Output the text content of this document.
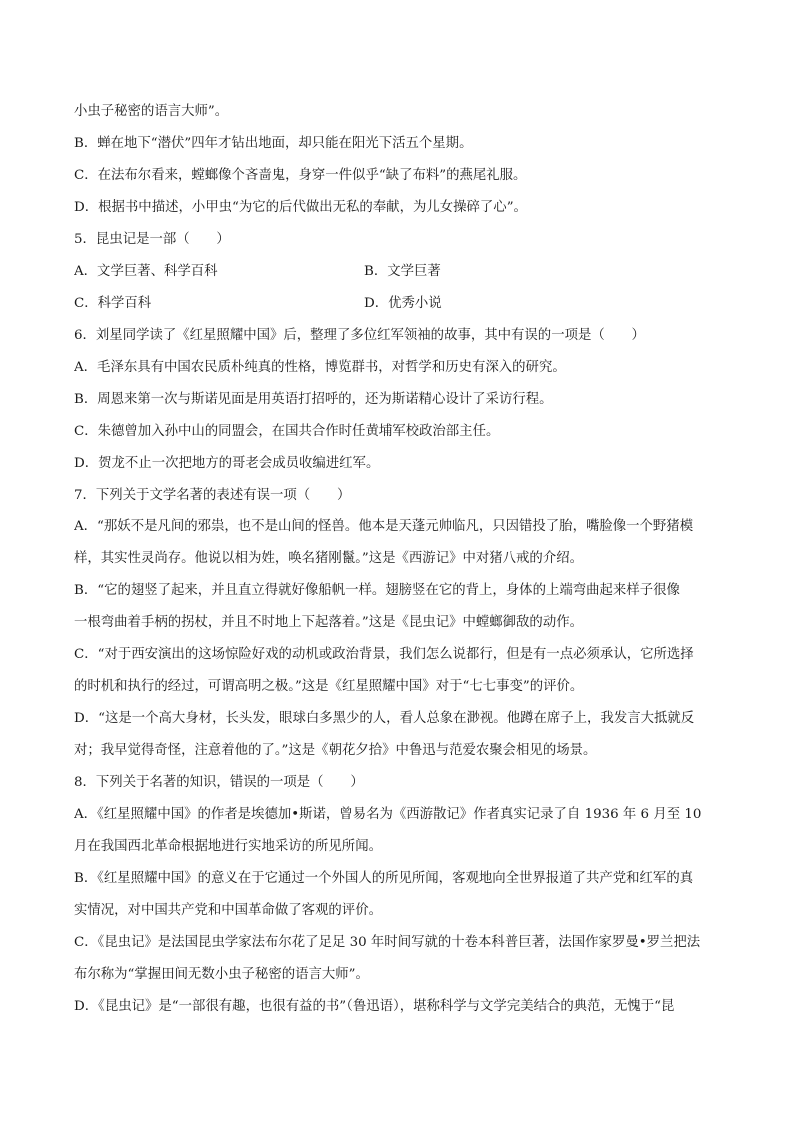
小虫子秘密的语言大师”。
B．蝉在地下“潜伏”四年才钻出地面，却只能在阳光下活五个星期。
C．在法布尔看来，螳螂像个吝啬鬼，身穿一件似乎“缺了布料”的燕尾礼服。
D．根据书中描述，小甲虫“为它的后代做出无私的奉献，为儿女操碎了心”。
5．昆虫记是一部（　　）
A．文学巨著、科学百科	B．文学巨著
C．科学百科	D．优秀小说
6．刘星同学读了《红星照耀中国》后，整理了多位红军领袖的故事，其中有误的一项是（　　）
A．毛泽东具有中国农民质朴纯真的性格，博览群书，对哲学和历史有深入的研究。
B．周恩来第一次与斯诺见面是用英语打招呼的，还为斯诺精心设计了采访行程。
C．朱德曾加入孙中山的同盟会，在国共合作时任黄埔军校政治部主任。
D．贺龙不止一次把地方的哥老会成员收编进红军。
7．下列关于文学名著的表述有误一项（　　）
A．“那妖不是凡间的邪祟，也不是山间的怪兽。他本是天蓬元帅临凡，只因错投了胎，嘴脸像一个野猪模
样，其实性灵尚存。他说以相为姓，唤名猪刚鬣。”这是《西游记》中对猪八戒的介绍。
B．“它的翅竖了起来，并且直立得就好像船帆一样。翅膀竖在它的背上，身体的上端弯曲起来样子很像
一根弯曲着手柄的拐杖，并且不时地上下起落着。”这是《昆虫记》中螳螂御敌的动作。
C．“对于西安演出的这场惊险好戏的动机或政治背景，我们怎么说都行，但是有一点必须承认，它所选择
的时机和执行的经过，可谓高明之极。”这是《红星照耀中国》对于“七七事变”的评价。
D．“这是一个高大身材，长头发，眼球白多黑少的人，看人总象在渺视。他蹲在席子上，我发言大抵就反
对；我早觉得奇怪，注意着他的了。”这是《朝花夕拾》中鲁迅与范爱农聚会相见的场景。
8．下列关于名著的知识，错误的一项是（　　）
A．《红星照耀中国》的作者是埃德加•斯诺，曾易名为《西游散记》作者真实记录了自 1936 年 6 月至 10
月在我国西北革命根据地进行实地采访的所见所闻。
B．《红星照耀中国》的意义在于它通过一个外国人的所见所闻，客观地向全世界报道了共产党和红军的真
实情况，对中国共产党和中国革命做了客观的评价。
C．《昆虫记》是法国昆虫学家法布尔花了足足 30 年时间写就的十卷本科普巨著，法国作家罗曼•罗兰把法
布尔称为“掌握田间无数小虫子秘密的语言大师”。
D．《昆虫记》是“一部很有趣，也很有益的书”（鲁迅语），堪称科学与文学完美结合的典范，无愧于“昆
